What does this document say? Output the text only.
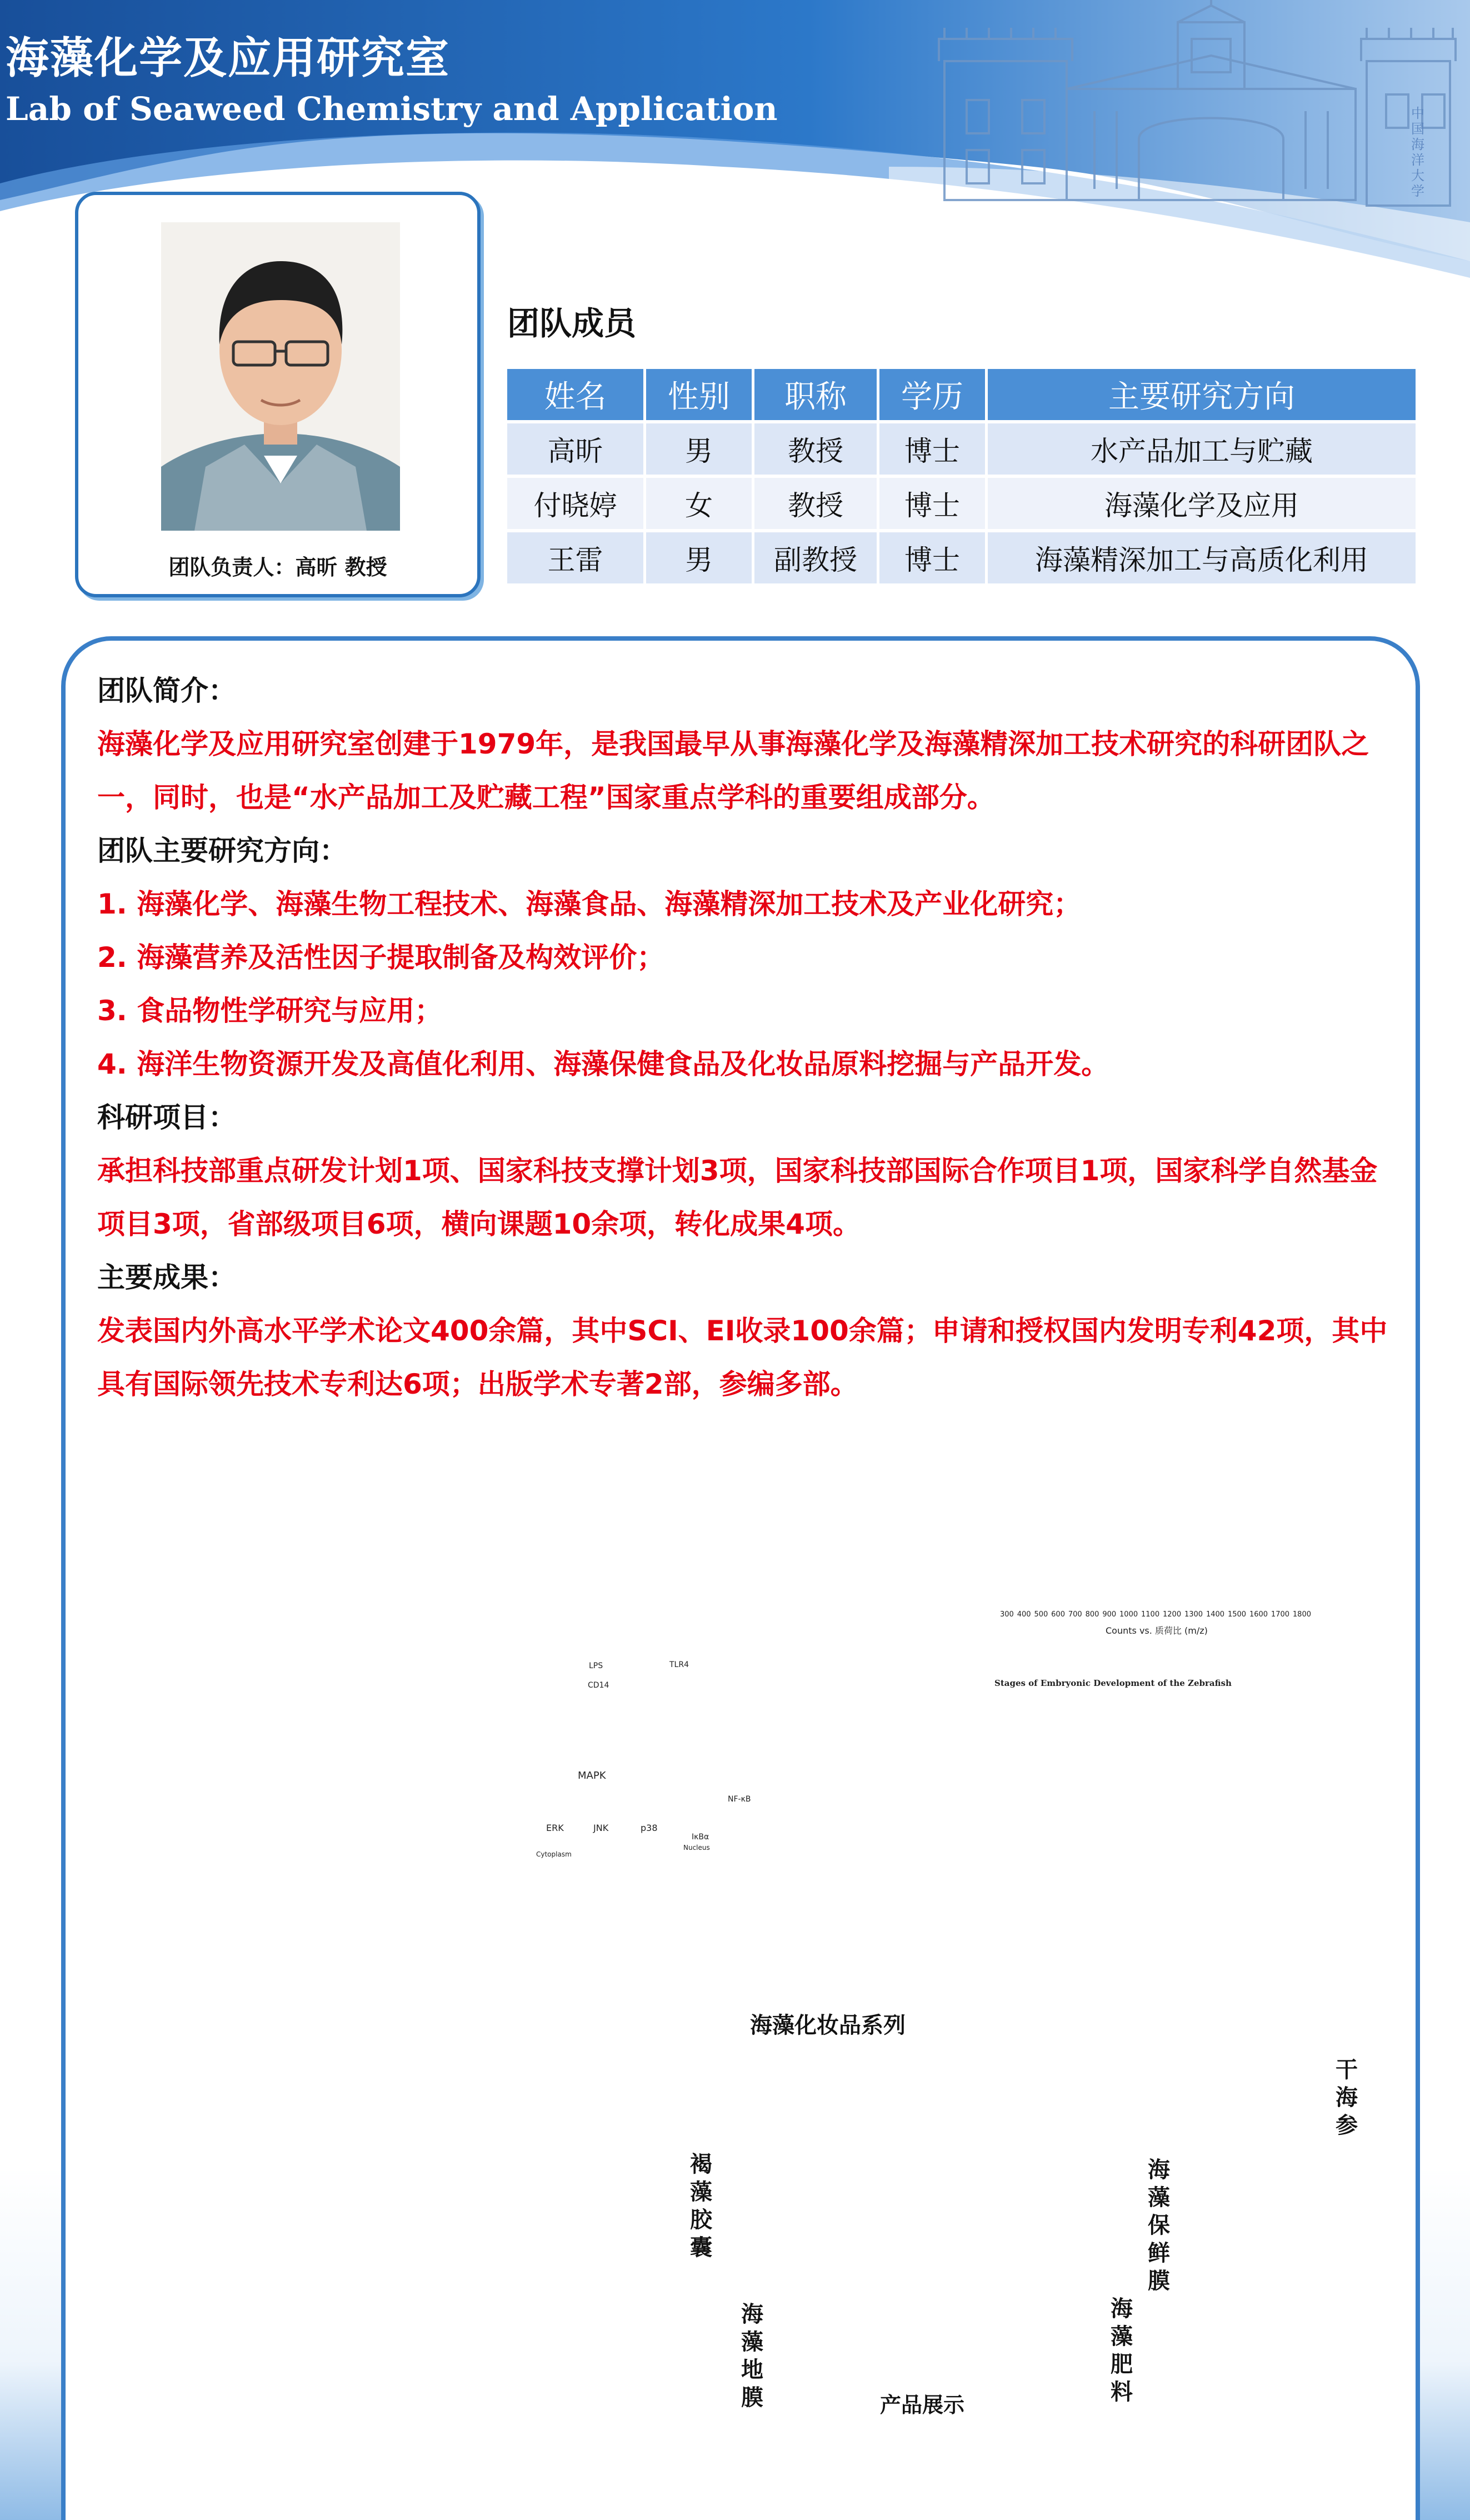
海藻化学及应用研究室
Lab of Seaweed Chemistry and Application	中国海洋大学
团队负责人：高昕 教授
团队成员
姓名	性别	职称	学历	主要研究方向
高昕	男	教授	博士	水产品加工与贮藏
付晓婷	女	教授	博士	海藻化学及应用
王雷	男	副教授	博士	海藻精深加工与高质化利用
团队简介：
海藻化学及应用研究室创建于1979年，是我国最早从事海藻化学及海藻精深加工技术研究的科研团队之一，同时，也是“水产品加工及贮藏工程”国家重点学科的重要组成部分。
团队主要研究方向：
1. 海藻化学、海藻生物工程技术、海藻食品、海藻精深加工技术及产业化研究；
2. 海藻营养及活性因子提取制备及构效评价；
3. 食品物性学研究与应用；
4. 海洋生物资源开发及高值化利用、海藻保健食品及化妆品原料挖掘与产品开发。
科研项目：
承担科技部重点研发计划1项、国家科技支撑计划3项，国家科技部国际合作项目1项，国家科学自然基金项目3项，省部级项目6项，横向课题10余项，转化成果4项。
主要成果：
发表国内外高水平学术论文400余篇，其中SCI、EI收录100余篇；申请和授权国内发明专利42项，其中具有国际领先技术专利达6项；出版学术专著2部，参编多部。
300 400 500 600 700 800 900 1000 1100 1200 1300 1400 1500 1600 1700 1800
Counts vs. 质荷比 (m/z)
LPS	TLR4
CD14
MAPK
ERK	JNK	p38
NF-κB
IκBα
Inflammation
Cytoplasm
Nucleus
Stages of Embryonic Development of the Zebrafish
产品展示
海藻化妆品系列
干海参
褐藻胶囊
海藻保鲜膜
海藻地膜
海藻肥料
ALGA
海世可
